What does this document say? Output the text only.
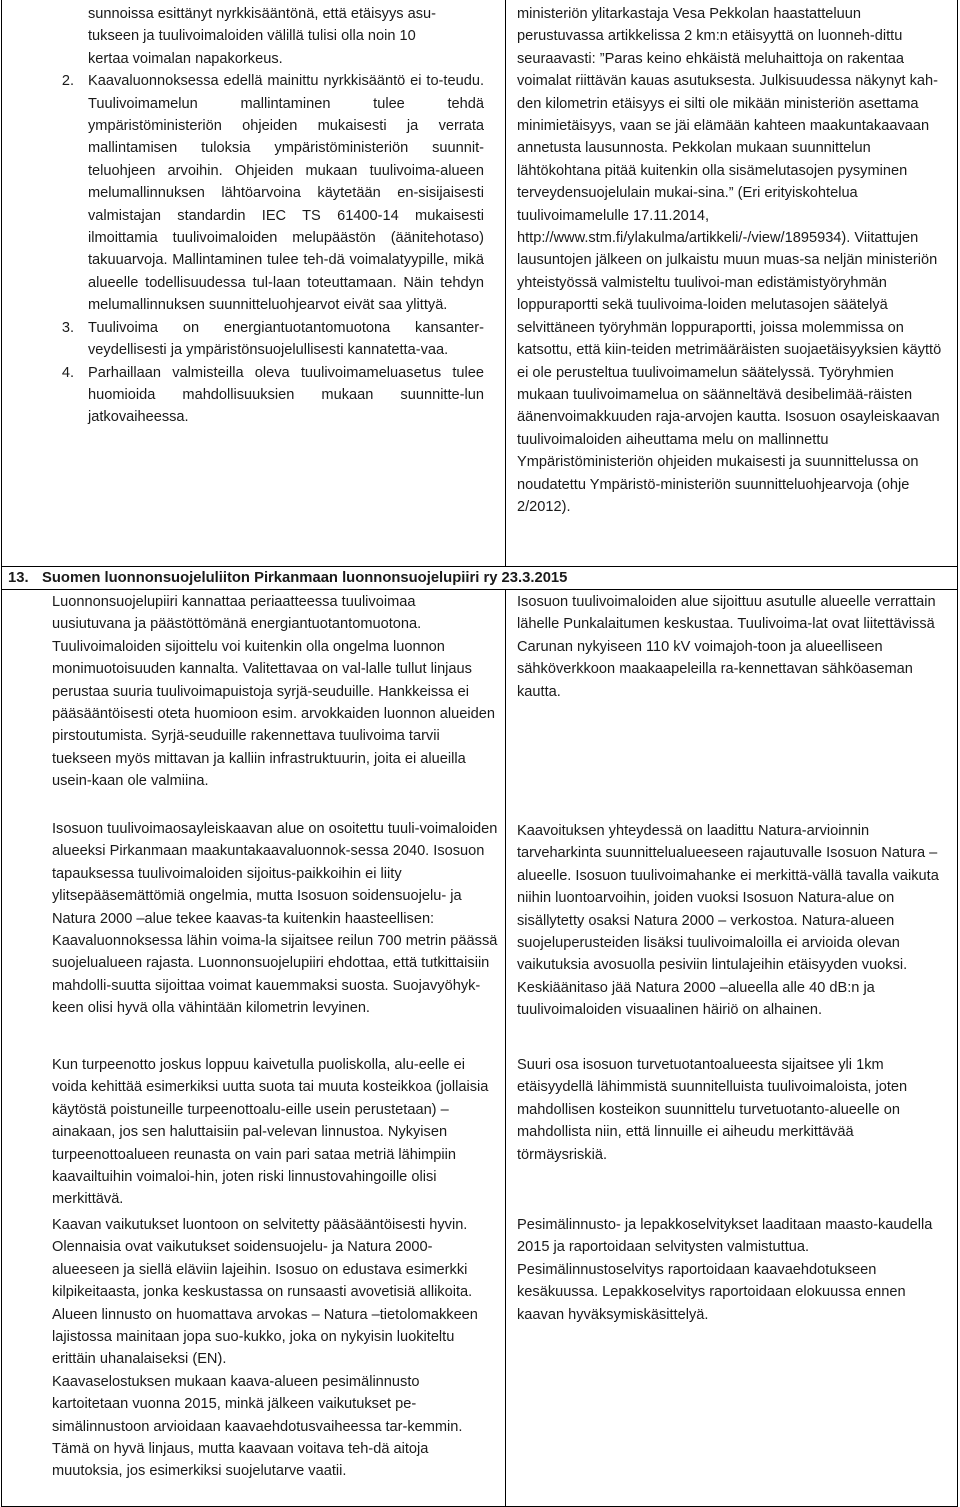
sunnoissa esittänyt nyrkkisääntönä, että etäisyys asu-

tukseen ja tuulivoimaloiden välillä tulisi olla noin 10

kertaa voimalan napakorkeus.

2. Kaavaluonnoksessa edellä mainittu nyrkkisääntö ei to-teudu. Tuulivoimamelun mallintaminen tulee tehdä ympäristöministeriön ohjeiden mukaisesti ja verrata mallintamisen tuloksia ympäristöministeriön suunnit-teluohjeen arvoihin. Ohjeiden mukaan tuulivoima-alueen melumallinnuksen lähtöarvoina käytetään en-sisijaisesti valmistajan standardin IEC TS 61400-14 mukaisesti ilmoittamia tuulivoimaloiden melupäästön (äänitehotaso) takuuarvoja. Mallintaminen tulee teh-dä voimalatyypille, mikä alueelle todellisuudessa tul-laan toteuttamaan. Näin tehdyn melumallinnuksen suunnitteluohjearvot eivät saa ylittyä.
3. Tuulivoima on energiantuotantomuotona kansanter-veydellisesti ja ympäristönsuojelullisesti kannatetta-vaa.
4. Parhaillaan valmisteilla oleva tuulivoimameluasetus tulee huomioida mahdollisuuksien mukaan suunnitte-lun jatkovaiheessa.

ministeriön ylitarkastaja Vesa Pekkolan haastatteluun perustuvassa artikkelissa 2 km:n etäisyyttä on luonneh-dittu seuraavasti: ”Paras keino ehkäistä meluhaittoja on rakentaa voimalat riittävän kauas asutuksesta. Julkisuudessa näkynyt kah-den kilometrin etäisyys ei silti ole mikään ministeriön asettama minimietäisyys, vaan se jäi elämään kahteen maakuntakaavaan annetusta lausunnosta. Pekkolan mukaan suunnittelun lähtökohtana pitää kuitenkin olla sisämelutasojen pysyminen terveydensuojelulain mukai-sina.” (Eri erityiskohtelua tuulivoimamelulle 17.11.2014, http://www.stm.fi/ylakulma/artikkeli/-/view/1895934). Viitattujen lausuntojen jälkeen on julkaistu muun muas-sa neljän ministeriön yhteistyössä valmisteltu tuulivoi-man edistämistyöryhmän loppuraportti sekä tuulivoima-loiden melutasojen säätelyä selvittäneen työryhmän loppuraportti, joissa molemmissa on katsottu, että kiin-teiden metrimääräisten suojaetäisyyksien käyttö ei ole perusteltua tuulivoimamelun säätelyssä. Työryhmien mukaan tuulivoimamelua on säänneltävä desibelimää-räisten äänenvoimakkuuden raja-arvojen kautta. Isosuon osayleiskaavan tuulivoimaloiden aiheuttama melu on mallinnettu Ympäristöministeriön ohjeiden mukaisesti ja suunnittelussa on noudatettu Ympäristö-ministeriön suunnitteluohjearvoja (ohje 2/2012).

13. Suomen luonnonsuojeluliiton Pirkanmaan luonnonsuojelupiiri ry 23.3.2015

Luonnonsuojelupiiri kannattaa periaatteessa tuulivoimaa uusiutuvana ja päästöttömänä energiantuotantomuotona. Tuulivoimaloiden sijoittelu voi kuitenkin olla ongelma luonnon monimuotoisuuden kannalta. Valitettavaa on val-lalle tullut linjaus perustaa suuria tuulivoimapuistoja syrjä-seuduille. Hankkeissa ei pääsääntöisesti oteta huomioon esim. arvokkaiden luonnon alueiden pirstoutumista. Syrjä-seuduille rakennettava tuulivoima tarvii tuekseen myös mittavan ja kalliin infrastruktuurin, joita ei alueilla usein-kaan ole valmiina.

Isosuon tuulivoimaloiden alue sijoittuu asutulle alueelle verrattain lähelle Punkalaitumen keskustaa. Tuulivoima-lat ovat liitettävissä Carunan nykyiseen 110 kV voimajoh-toon ja alueelliseen sähköverkkoon maakaapeleilla ra-kennettavan sähköaseman kautta.

Isosuon tuulivoimaosayleiskaavan alue on osoitettu tuuli-voimaloiden alueeksi Pirkanmaan maakuntakaavaluonnok-sessa 2040. Isosuon tapauksessa tuulivoimaloiden sijoitus-paikkoihin ei liity ylitsepääsemättömiä ongelmia, mutta Isosuon soidensuojelu- ja Natura 2000 –alue tekee kaavas-ta kuitenkin haasteellisen: Kaavaluonnoksessa lähin voima-la sijaitsee reilun 700 metrin päässä suojelualueen rajasta. Luonnonsuojelupiiri ehdottaa, että tutkittaisiin mahdolli-suutta sijoittaa voimat kauemmaksi suosta. Suojavyöhyk-keen olisi hyvä olla vähintään kilometrin levyinen.

Kaavoituksen yhteydessä on laadittu Natura-arvioinnin tarveharkinta suunnittelualueeseen rajautuvalle Isosuon Natura –alueelle. Isosuon tuulivoimahanke ei merkittä-vällä tavalla vaikuta niihin luontoarvoihin, joiden vuoksi Isosuon Natura-alue on sisällytetty osaksi Natura 2000 – verkostoa. Natura-alueen suojeluperusteiden lisäksi tuulivoimaloilla ei arvioida olevan vaikutuksia avosuolla pesiviin lintulajeihin etäisyyden vuoksi. Keskiäänitaso jää Natura 2000 –alueella alle 40 dB:n ja tuulivoimaloiden visuaalinen häiriö on alhainen.

Kun turpeenotto joskus loppuu kaivetulla puoliskolla, alu-eelle ei voida kehittää esimerkiksi uutta suota tai muuta kosteikkoa (jollaisia käytöstä poistuneille turpeenottoalu-eille usein perustetaan) – ainakaan, jos sen haluttaisiin pal-velevan linnustoa. Nykyisen turpeenottoalueen reunasta on vain pari sataa metriä lähimpiin kaavailtuihin voimaloi-hin, joten riski linnustovahingoille olisi merkittävä.

Suuri osa isosuon turvetuotantoalueesta sijaitsee yli 1km etäisyydellä lähimmistä suunnitelluista tuulivoimaloista, joten mahdollisen kosteikon suunnittelu turvetuotanto-alueelle on mahdollista niin, että linnuille ei aiheudu merkittävää törmäysriskiä.

Kaavan vaikutukset luontoon on selvitetty pääsääntöisesti hyvin. Olennaisia ovat vaikutukset soidensuojelu- ja Natura 2000-alueeseen ja siellä eläviin lajeihin. Isosuo on edustava esimerkki kilpikeitaasta, jonka keskustassa on runsaasti avovetisiä allikoita. Alueen linnusto on huomattava arvokas – Natura –tietolomakkeen lajistossa mainitaan jopa suo-kukko, joka on nykyisin luokiteltu erittäin uhanalaiseksi (EN).

Kaavaselostuksen mukaan kaava-alueen pesimälinnusto kartoitetaan vuonna 2015, minkä jälkeen vaikutukset pe-simälinnustoon arvioidaan kaavaehdotusvaiheessa tar-kemmin. Tämä on hyvä linjaus, mutta kaavaan voitava teh-dä aitoja muutoksia, jos esimerkiksi suojelutarve vaatii.

Pesimälinnusto- ja lepakkoselvitykset laaditaan maasto-kaudella 2015 ja raportoidaan selvitysten valmistuttua. Pesimälinnustoselvitys raportoidaan kaavaehdotukseen kesäkuussa. Lepakkoselvitys raportoidaan elokuussa ennen kaavan hyväksymiskäsittelyä.
